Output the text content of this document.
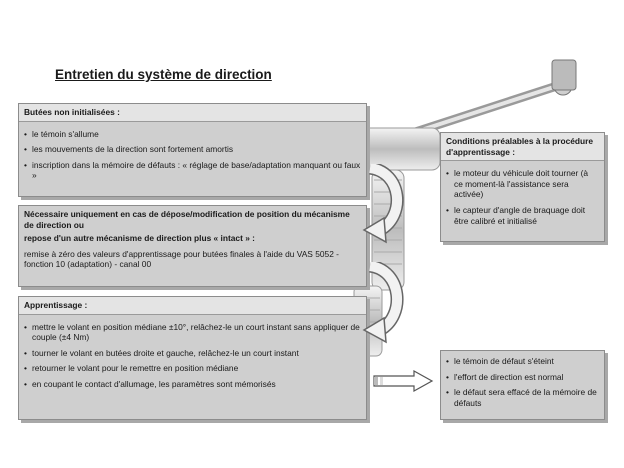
Entretien du système de direction
Butées non initialisées :
• le témoin s'allume
• les mouvements de la direction sont fortement amortis
• inscription dans la mémoire de défauts : « réglage de base/adaptation manquant ou faux »
Nécessaire uniquement en cas de dépose/modification de position du mécanisme de direction ou
repose d'un autre mécanisme de direction plus « intact » :
remise à zéro des valeurs d'apprentissage pour butées finales à l'aide du VAS 5052 - fonction 10 (adaptation) - canal 00
Apprentissage :
• mettre le volant en position médiane ±10°, relâchez-le un court instant sans appliquer de couple (±4 Nm)
• tourner le volant en butées droite et gauche, relâchez-le un court instant
• retourner le volant pour le remettre en position médiane
• en coupant le contact d'allumage, les paramètres sont mémorisés
Conditions préalables à la procédure d'apprentissage :
• le moteur du véhicule doit tourner (à ce moment-là l'assistance sera activée)
• le capteur d'angle de braquage doit être calibré et initialisé
• le témoin de défaut s'éteint
• l'effort de direction est normal
• le défaut sera effacé de la mémoire de défauts
